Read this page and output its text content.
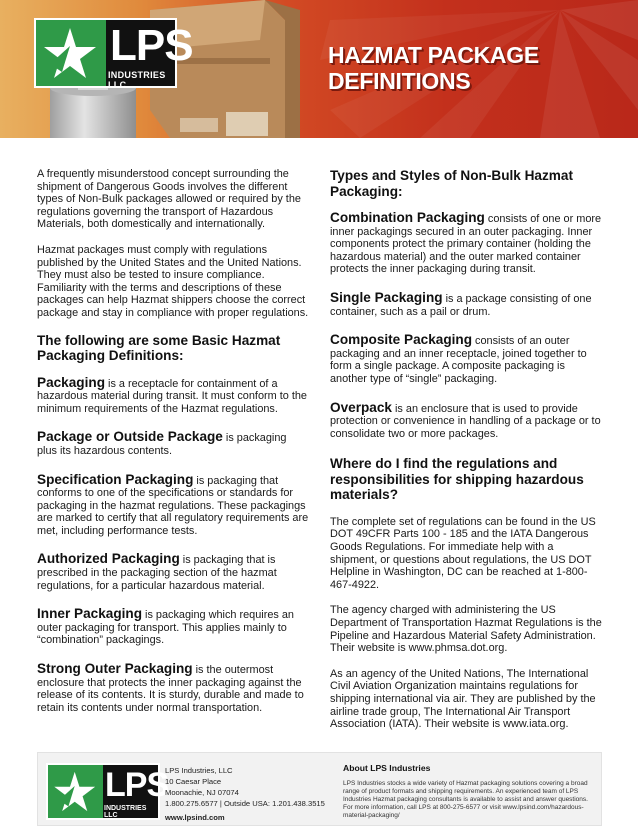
LPS
INDUSTRIES LLC
HAZMAT PACKAGE
DEFINITIONS

A frequently misunderstood concept surrounding the shipment of Dangerous Goods involves the different types of Non-Bulk packages allowed or required by the regulations governing the transport of Hazardous Materials, both domestically and internationally.

Hazmat packages must comply with regulations published by the United States and the United Nations. They must also be tested to insure compliance. Familiarity with the terms and descriptions of these packages can help Hazmat shippers choose the correct package and stay in compliance with proper regulations.

The following are some Basic Hazmat Packaging Definitions:

Packaging is a receptacle for containment of a hazardous material during transit. It must conform to the minimum requirements of the Hazmat regulations.

Package or Outside Package is packaging plus its hazardous contents.

Specification Packaging is packaging that conforms to one of the specifications or standards for packaging in the hazmat regulations. These packagings are marked to certify that all regulatory requirements are met, including performance tests.

Authorized Packaging is packaging that is prescribed in the packaging section of the hazmat regulations, for a particular hazardous material.

Inner Packaging is packaging which requires an outer packaging for transport. This applies mainly to “combination” packagings.

Strong Outer Packaging is the outermost enclosure that protects the inner packaging against the release of its contents. It is sturdy, durable and made to retain its contents under normal transportation.

Types and Styles of Non-Bulk Hazmat Packaging:

Combination Packaging consists of one or more inner packagings secured in an outer packaging. Inner components protect the primary container (holding the hazardous material) and the outer marked container protects the inner packaging during transit.

Single Packaging is a package consisting of one container, such as a pail or drum.

Composite Packaging consists of an outer packaging and an inner receptacle, joined together to form a single package. A composite packaging is another type of “single” packaging.

Overpack is an enclosure that is used to provide protection or convenience in handling of a package or to consolidate two or more packages.

Where do I find the regulations and responsibilities for shipping hazardous materials?

The complete set of regulations can be found in the US DOT 49CFR Parts 100 - 185 and the IATA Dangerous Goods Regulations. For immediate help with a shipment, or questions about regulations, the US DOT Helpline in Washington, DC can be reached at 1-800-467-4922.

The agency charged with administering the US Department of Transportation Hazmat Regulations is the Pipeline and Hazardous Material Safety Administration. Their website is www.phmsa.dot.org.

As an agency of the United Nations, The International Civil Aviation Organization maintains regulations for shipping international via air. They are published by the airline trade group, The International Air Transport Association (IATA). Their website is www.iata.org.

LPS
INDUSTRIES LLC
LPS Industries, LLC
10 Caesar Place
Moonachie, NJ 07074
1.800.275.6577 | Outside USA: 1.201.438.3515
www.lpsind.com
About LPS Industries
LPS Industries stocks a wide variety of Hazmat packaging solutions covering a broad range of product formats and shipping requirements. An experienced team of LPS Industries Hazmat packaging consultants is available to assist and answer questions. For more information, call LPS at 800-275-6577 or visit www.lpsind.com/hazardous-material-packaging/
